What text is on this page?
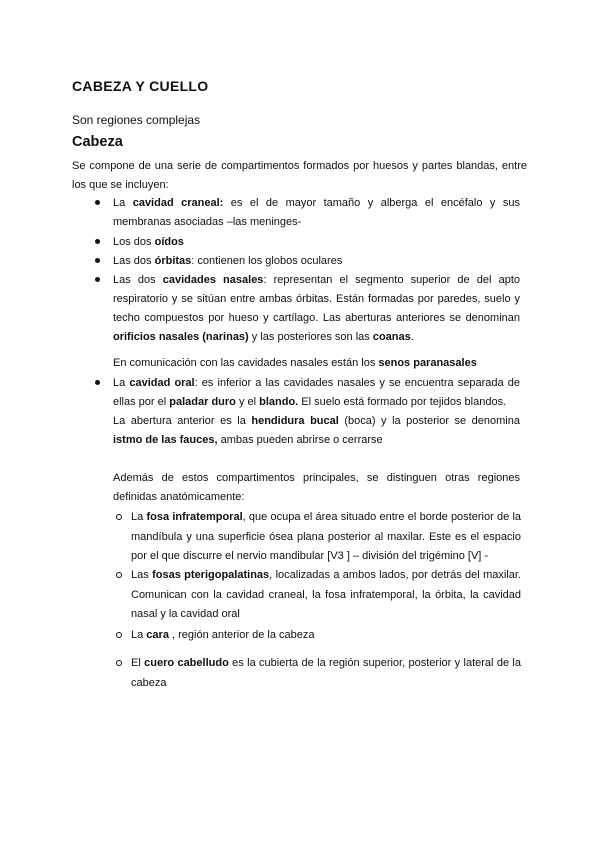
CABEZA Y CUELLO
Son regiones complejas
Cabeza
Se compone de una serie de compartimentos formados por huesos y partes blandas, entre los que se incluyen:
La cavidad craneal: es el de mayor tamaño y alberga el encéfalo y sus membranas asociadas –las meninges-
Los dos oídos
Las dos órbitas: contienen los globos oculares
Las dos cavidades nasales: representan el segmento superior de del apto respiratorio y se sitúan entre ambas órbitas. Están formadas por paredes, suelo y techo compuestos por hueso y cartílago. Las aberturas anteriores se denominan orificios nasales (narinas) y las posteriores son las coanas.
En comunicación con las cavidades nasales están los senos paranasales
La cavidad oral: es inferior a las cavidades nasales y se encuentra separada de ellas por el paladar duro y el blando. El suelo está formado por tejidos blandos.
La abertura anterior es la hendidura bucal (boca) y la posterior se denomina istmo de las fauces, ambas pueden abrirse o cerrarse
Además de estos compartimentos principales, se distinguen otras regiones definidas anatómicamente:
La fosa infratemporal, que ocupa el área situado entre el borde posterior de la mandíbula y una superficie ósea plana posterior al maxilar. Este es el espacio por el que discurre el nervio mandibular [V3 ] – división del trigémino [V] -
Las fosas pterigopalatinas, localizadas a ambos lados, por detrás del maxilar. Comunican con la cavidad craneal, la fosa infratemporal, la órbita, la cavidad nasal y la cavidad oral
La cara , región anterior de la cabeza
El cuero cabelludo es la cubierta de la región superior, posterior y lateral de la cabeza
